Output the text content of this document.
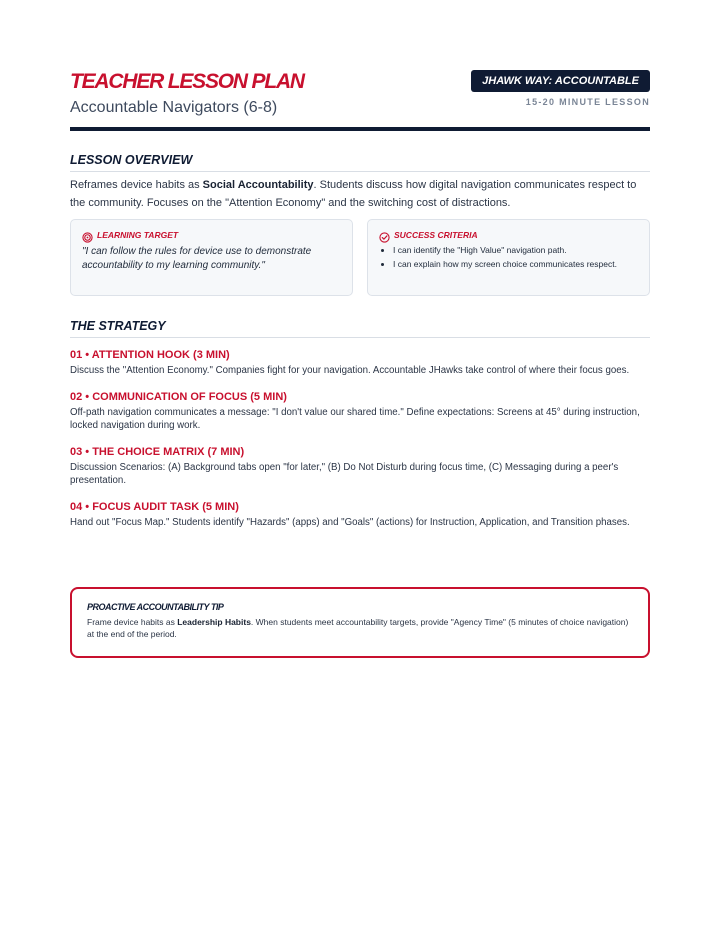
TEACHER LESSON PLAN
Accountable Navigators (6-8)
JHAWK WAY: ACCOUNTABLE
15-20 MINUTE LESSON
LESSON OVERVIEW

Reframes device habits as Social Accountability. Students discuss how digital navigation communicates respect to the community. Focuses on the "Attention Economy" and the switching cost of distractions.

LEARNING TARGET

"I can follow the rules for device use to demonstrate accountability to my learning community."

SUCCESS CRITERIA
• I can identify the "High Value" navigation path.
• I can explain how my screen choice communicates respect.
THE STRATEGY
01 • ATTENTION HOOK (3 MIN)

Discuss the "Attention Economy." Companies fight for your navigation. Accountable JHawks take control of where their focus goes.

02 • COMMUNICATION OF FOCUS (5 MIN)

Off-path navigation communicates a message: "I don't value our shared time." Define expectations: Screens at 45° during instruction, locked navigation during work.

03 • THE CHOICE MATRIX (7 MIN)

Discussion Scenarios: (A) Background tabs open "for later," (B) Do Not Disturb during focus time, (C) Messaging during a peer's presentation.

04 • FOCUS AUDIT TASK (5 MIN)

Hand out "Focus Map." Students identify "Hazards" (apps) and "Goals" (actions) for Instruction, Application, and Transition phases.

PROACTIVE ACCOUNTABILITY TIP

Frame device habits as Leadership Habits. When students meet accountability targets, provide "Agency Time" (5 minutes of choice navigation) at the end of the period.
